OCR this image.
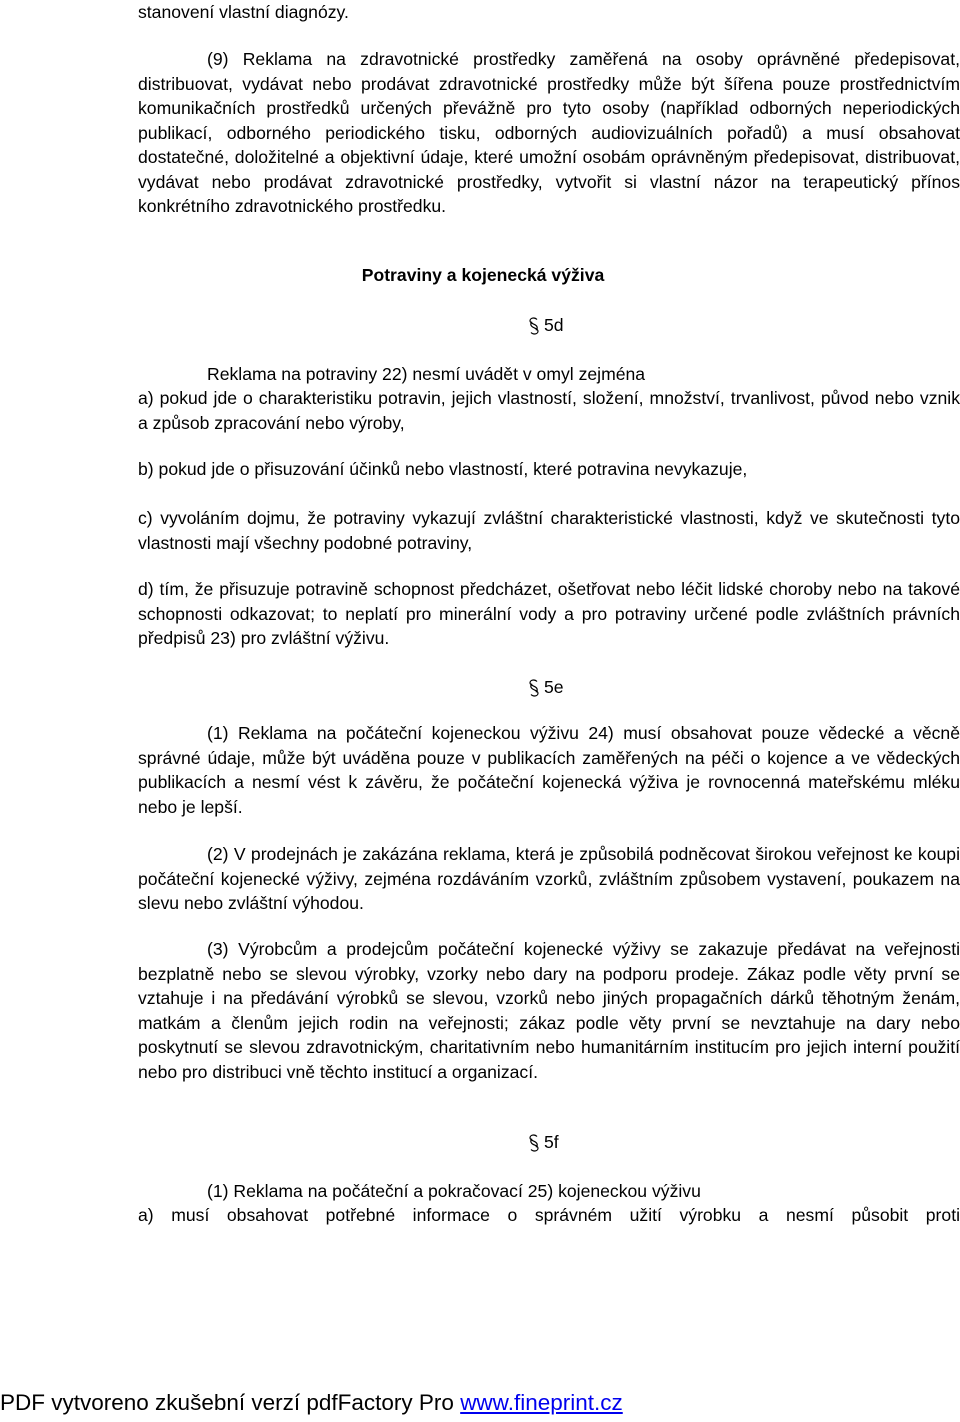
stanovení vlastní diagnózy.
(9) Reklama na zdravotnické prostředky zaměřená na osoby oprávněné předepisovat, distribuovat, vydávat nebo prodávat zdravotnické prostředky může být šířena pouze prostřednictvím komunikačních prostředků určených převážně pro tyto osoby (například odborných neperiodických publikací, odborného periodického tisku, odborných audiovizuálních pořadů) a musí obsahovat dostatečné, doložitelné a objektivní údaje, které umožní osobám oprávněným předepisovat, distribuovat, vydávat nebo prodávat zdravotnické prostředky, vytvořit si vlastní názor na terapeutický přínos konkrétního zdravotnického prostředku.
Potraviny a kojenecká výživa
5d
Reklama na potraviny 22) nesmí uvádět v omyl zejména
a) pokud jde o charakteristiku potravin, jejich vlastností, složení, množství, trvanlivost, původ nebo vznik a způsob zpracování nebo výroby,
b) pokud jde o přisuzování účinků nebo vlastností, které potravina nevykazuje,
c) vyvoláním dojmu, že potraviny vykazují zvláštní charakteristické vlastnosti, když ve skutečnosti tyto vlastnosti mají všechny podobné potraviny,
d) tím, že přisuzuje potravině schopnost předcházet, ošetřovat nebo léčit lidské choroby nebo na takové schopnosti odkazovat; to neplatí pro minerální vody a pro potraviny určené podle zvláštních právních předpisů 23) pro zvláštní výživu.
5e
(1) Reklama na počáteční kojeneckou výživu 24) musí obsahovat pouze vědecké a věcně správné údaje, může být uváděna pouze v publikacích zaměřených na péči o kojence a ve vědeckých publikacích a nesmí vést k závěru, že počáteční kojenecká výživa je rovnocenná mateřskému mléku nebo je lepší.
(2) V prodejnách je zakázána reklama, která je způsobilá podněcovat širokou veřejnost ke koupi počáteční kojenecké výživy, zejména rozdáváním vzorků, zvláštním způsobem vystavení, poukazem na slevu nebo zvláštní výhodou.
(3) Výrobcům a prodejcům počáteční kojenecké výživy se zakazuje předávat na veřejnosti bezplatně nebo se slevou výrobky, vzorky nebo dary na podporu prodeje. Zákaz podle věty první se vztahuje i na předávání výrobků se slevou, vzorků nebo jiných propagačních dárků těhotným ženám, matkám a členům jejich rodin na veřejnosti; zákaz podle věty první se nevztahuje na dary nebo poskytnutí se slevou zdravotnickým, charitativním nebo humanitárním institucím pro jejich interní použití nebo pro distribuci vně těchto institucí a organizací.
5f
(1) Reklama na počáteční a pokračovací 25) kojeneckou výživu
a) musí obsahovat potřebné informace o správném užití výrobku a nesmí působit proti
PDF vytvoreno zkušební verzí pdfFactory Pro www.fineprint.cz
